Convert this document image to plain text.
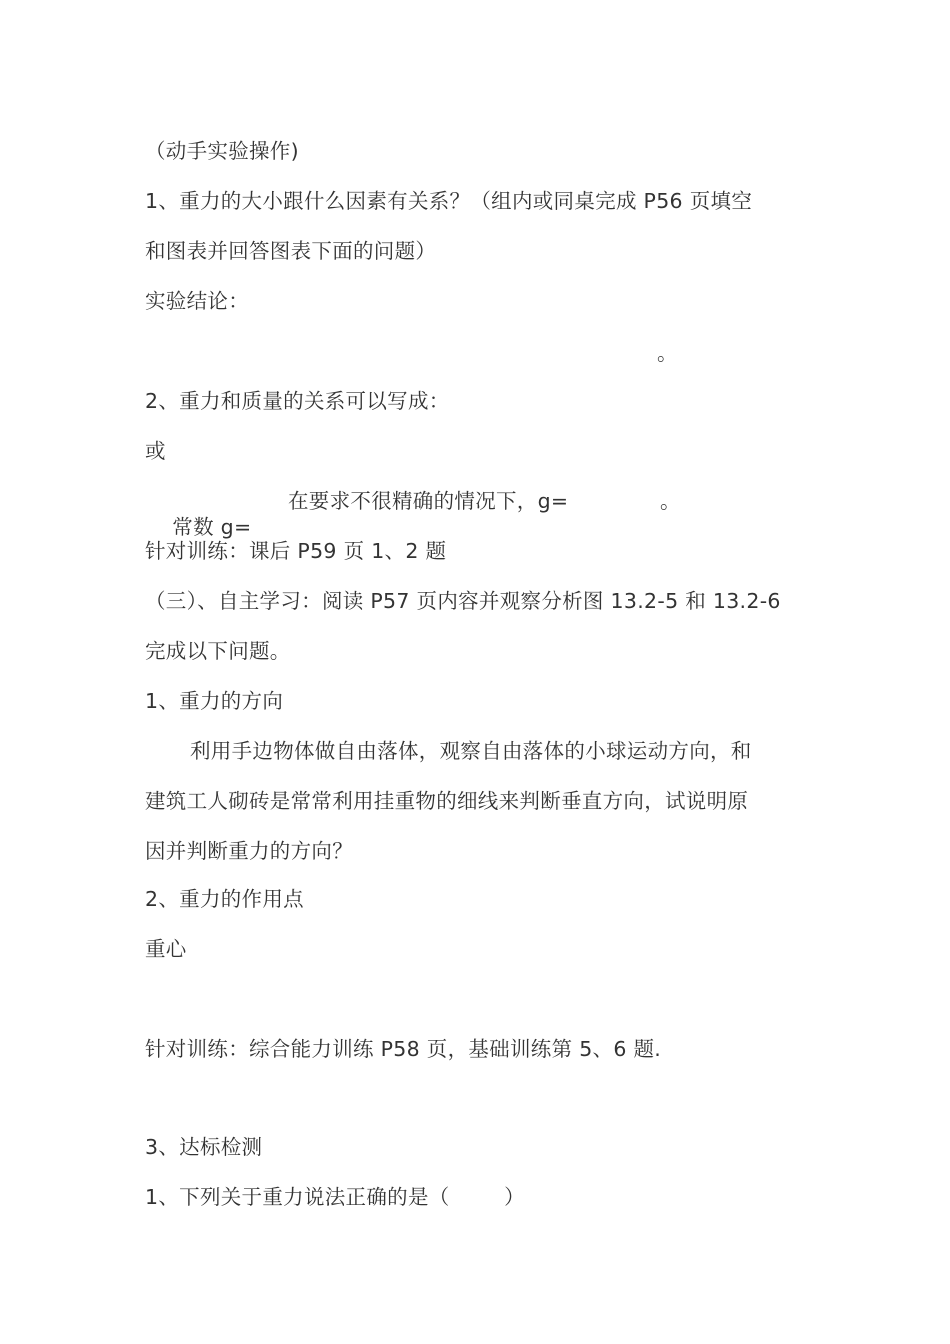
（动手实验操作)
1、重力的大小跟什么因素有关系？（组内或同桌完成 P56 页填空
和图表并回答图表下面的问题）
实验结论：
。
2、重力和质量的关系可以写成：
或

常数 g=

在要求不很精确的情况下，g=	。
针对训练：课后 P59 页 1、2 题
（三）、自主学习：阅读 P57 页内容并观察分析图 13.2-5 和 13.2-6
完成以下问题。
1、重力的方向
利用手边物体做自由落体，观察自由落体的小球运动方向，和
建筑工人砌砖是常常利用挂重物的细线来判断垂直方向，试说明原
因并判断重力的方向？
2、重力的作用点
重心
针对训练：综合能力训练 P58 页，基础训练第 5、6 题.
3、达标检测
1、下列关于重力说法正确的是（        ）
